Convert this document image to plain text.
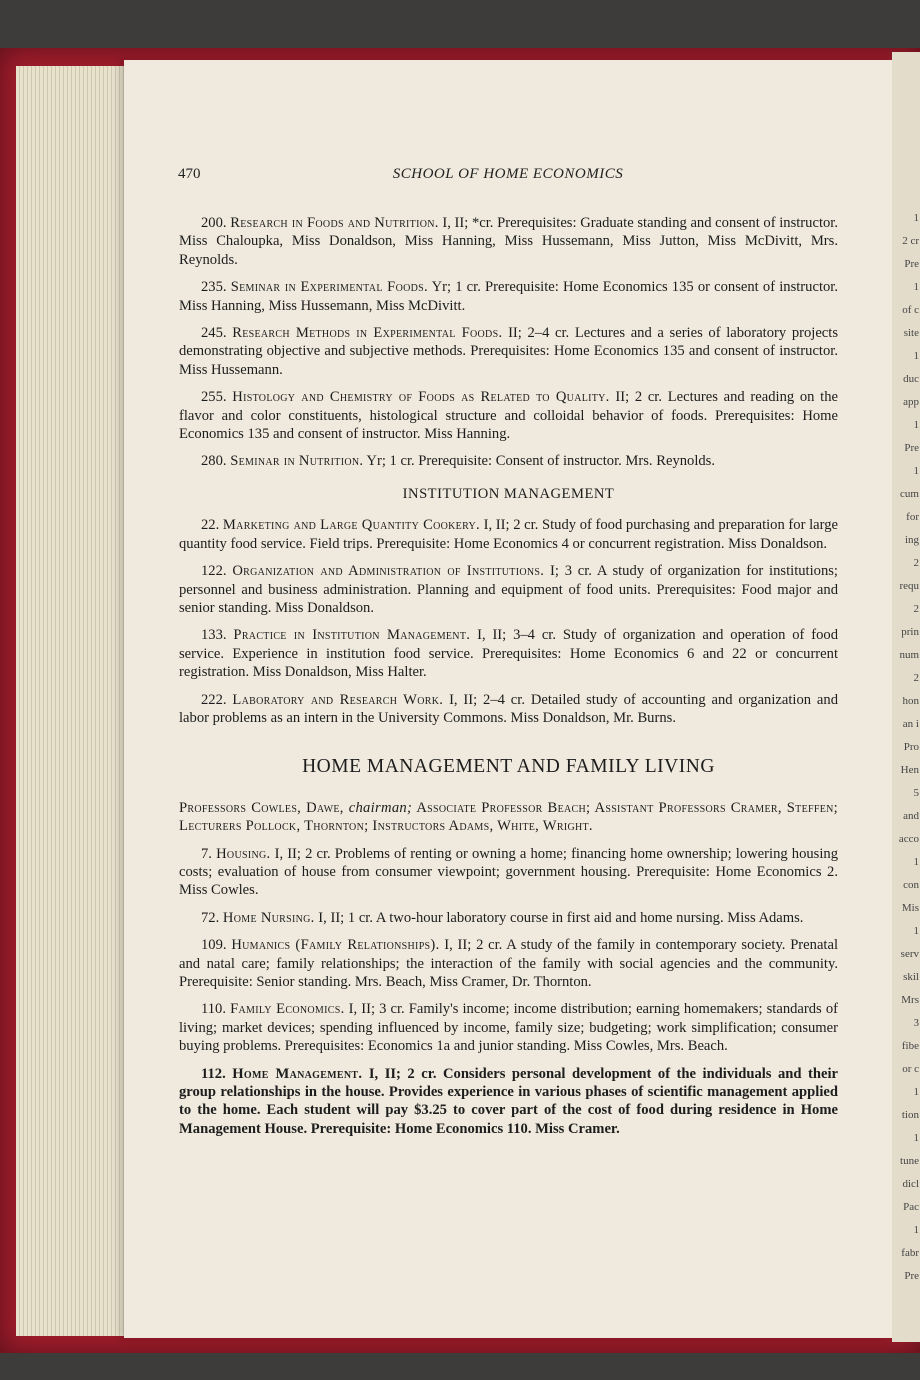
1
2 cr
Pre
1
of c
site
1
duc
app
1
Pre
1
cum
for
ing
2
requ
2
prin
num
2
hon
an i
Pro
Hen
5
and
acco
1
con
Mis
1
serv
skil
Mrs
3
fibe
or c
1
tion
1
tune
dicl
Pac
1
fabr
Pre
470	SCHOOL OF HOME ECONOMICS

200. Research in Foods and Nutrition. I, II; *cr. Prerequisites: Graduate standing and consent of instructor. Miss Chaloupka, Miss Donaldson, Miss Hanning, Miss Hussemann, Miss Jutton, Miss McDivitt, Mrs. Reynolds.

235. Seminar in Experimental Foods. Yr; 1 cr. Prerequisite: Home Economics 135 or consent of instructor. Miss Hanning, Miss Hussemann, Miss McDivitt.

245. Research Methods in Experimental Foods. II; 2–4 cr. Lectures and a series of laboratory projects demonstrating objective and subjective methods. Prerequisites: Home Economics 135 and consent of instructor. Miss Hussemann.

255. Histology and Chemistry of Foods as Related to Quality. II; 2 cr. Lectures and reading on the flavor and color constituents, histological structure and colloidal behavior of foods. Prerequisites: Home Economics 135 and consent of instructor. Miss Hanning.

280. Seminar in Nutrition. Yr; 1 cr. Prerequisite: Consent of instructor. Mrs. Reynolds.

INSTITUTION MANAGEMENT

22. Marketing and Large Quantity Cookery. I, II; 2 cr. Study of food purchasing and preparation for large quantity food service. Field trips. Prerequisite: Home Economics 4 or concurrent registration. Miss Donaldson.

122. Organization and Administration of Institutions. I; 3 cr. A study of organization for institutions; personnel and business administration. Planning and equipment of food units. Prerequisites: Food major and senior standing. Miss Donaldson.

133. Practice in Institution Management. I, II; 3–4 cr. Study of organization and operation of food service. Experience in institution food service. Prerequisites: Home Economics 6 and 22 or concurrent registration. Miss Donaldson, Miss Halter.

222. Laboratory and Research Work. I, II; 2–4 cr. Detailed study of accounting and organization and labor problems as an intern in the University Commons. Miss Donaldson, Mr. Burns.

HOME MANAGEMENT AND FAMILY LIVING

Professors Cowles, Dawe, chairman; Associate Professor Beach; Assistant Professors Cramer, Steffen; Lecturers Pollock, Thornton; Instructors Adams, White, Wright.

7. Housing. I, II; 2 cr. Problems of renting or owning a home; financing home ownership; lowering housing costs; evaluation of house from consumer viewpoint; government housing. Prerequisite: Home Economics 2. Miss Cowles.

72. Home Nursing. I, II; 1 cr. A two-hour laboratory course in first aid and home nursing. Miss Adams.

109. Humanics (Family Relationships). I, II; 2 cr. A study of the family in contemporary society. Prenatal and natal care; family relationships; the interaction of the family with social agencies and the community. Prerequisite: Senior standing. Mrs. Beach, Miss Cramer, Dr. Thornton.

110. Family Economics. I, II; 3 cr. Family's income; income distribution; earning homemakers; standards of living; market devices; spending influenced by income, family size; budgeting; work simplification; consumer buying problems. Prerequisites: Economics 1a and junior standing. Miss Cowles, Mrs. Beach.

112. Home Management. I, II; 2 cr. Considers personal development of the individuals and their group relationships in the house. Provides experience in various phases of scientific management applied to the home. Each student will pay $3.25 to cover part of the cost of food during residence in Home Management House. Prerequisite: Home Economics 110. Miss Cramer.
